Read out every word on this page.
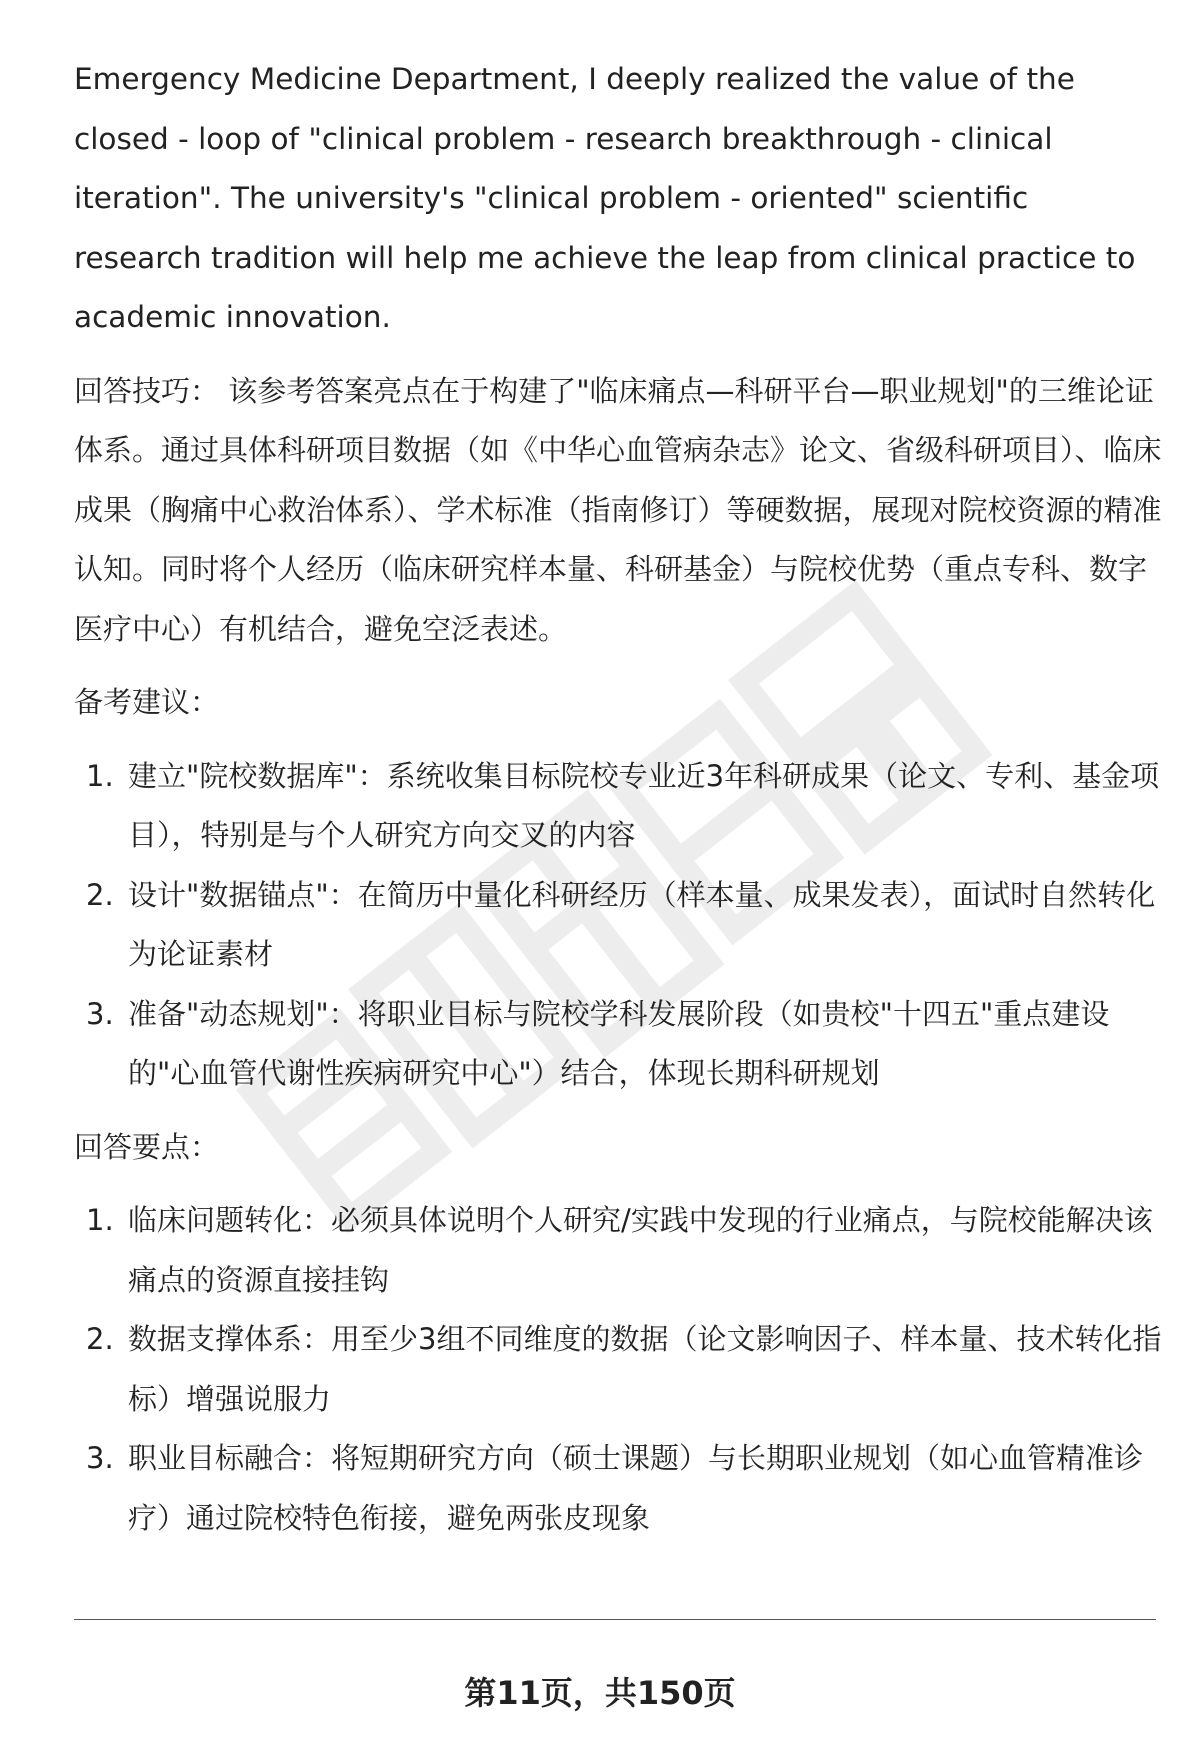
Emergency Medicine Department, I deeply realized the value of the closed - loop of "clinical problem - research breakthrough - clinical iteration". The university's "clinical problem - oriented" scientific research tradition will help me achieve the leap from clinical practice to academic innovation.

回答技巧： 该参考答案亮点在于构建了"临床痛点—科研平台—职业规划"的三维论证体系。通过具体科研项目数据（如《中华心血管病杂志》论文、省级科研项目）、临床成果（胸痛中心救治体系）、学术标准（指南修订）等硬数据，展现对院校资源的精准认知。同时将个人经历（临床研究样本量、科研基金）与院校优势（重点专科、数字医疗中心）有机结合，避免空泛表述。

备考建议：

1. 建立"院校数据库"：系统收集目标院校专业近3年科研成果（论文、专利、基金项目），特别是与个人研究方向交叉的内容
2. 设计"数据锚点"：在简历中量化科研经历（样本量、成果发表），面试时自然转化为论证素材
3. 准备"动态规划"：将职业目标与院校学科发展阶段（如贵校"十四五"重点建设的"心血管代谢性疾病研究中心"）结合，体现长期科研规划

回答要点：

1. 临床问题转化：必须具体说明个人研究/实践中发现的行业痛点，与院校能解决该痛点的资源直接挂钩
2. 数据支撑体系：用至少3组不同维度的数据（论文影响因子、样本量、技术转化指标）增强说服力
3. 职业目标融合：将短期研究方向（硕士课题）与长期职业规划（如心血管精准诊疗）通过院校特色衔接，避免两张皮现象
第11页，共150页
